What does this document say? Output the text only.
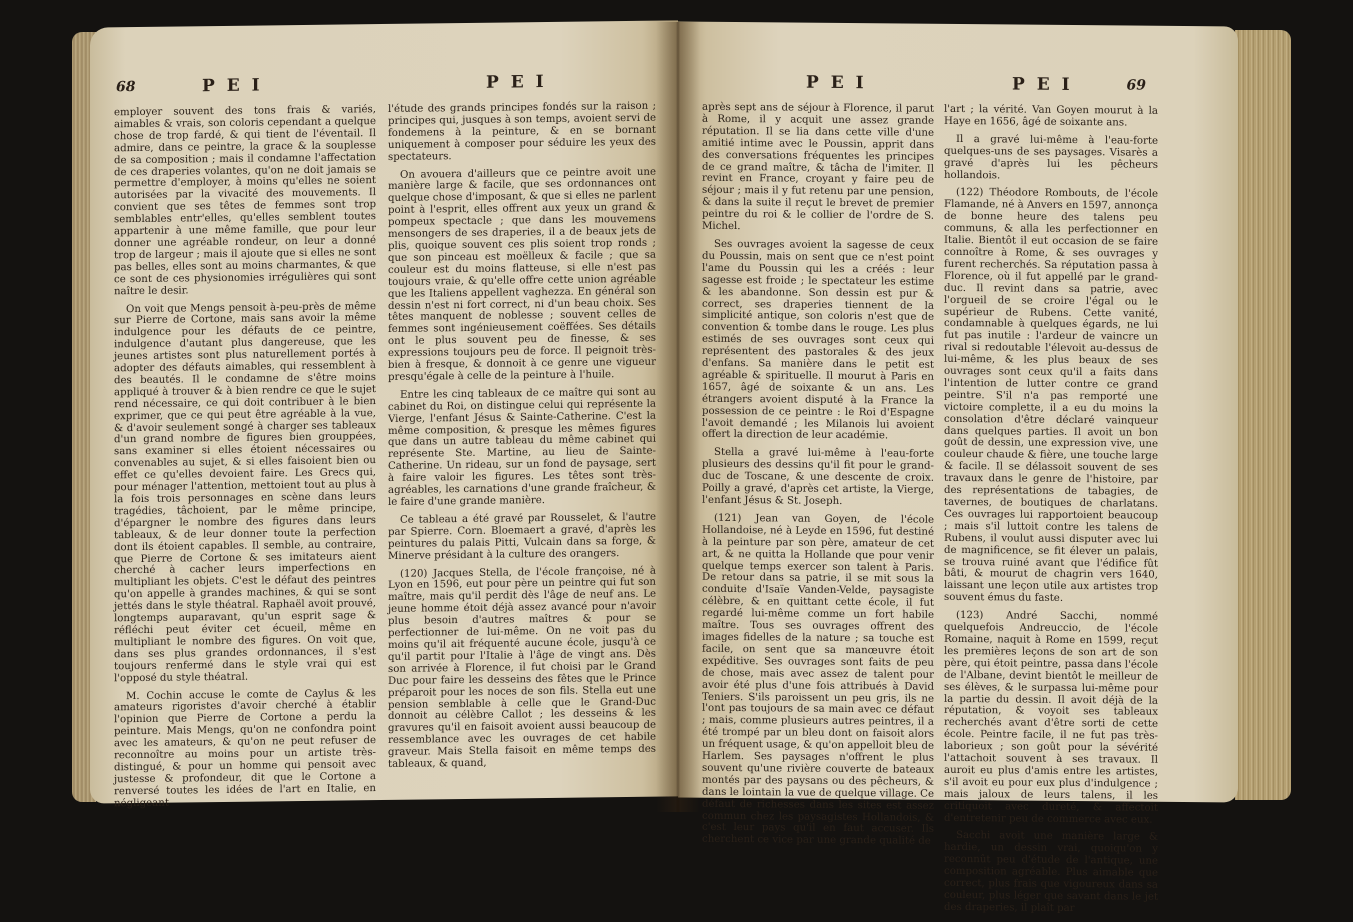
68	P E I	P E I

employer souvent des tons frais & variés, aimables & vrais, son coloris cependant a quelque chose de trop fardé, & qui tient de l'éventail. Il admire, dans ce peintre, la grace & la souplesse de sa composition ; mais il condamne l'affectation de ces draperies volantes, qu'on ne doit jamais se permettre d'employer, à moins qu'elles ne soient autorisées par la vivacité des mouvements. Il convient que ses têtes de femmes sont trop semblables entr'elles, qu'elles semblent toutes appartenir à une même famille, que pour leur donner une agréable rondeur, on leur a donné trop de largeur ; mais il ajoute que si elles ne sont pas belles, elles sont au moins charmantes, & que ce sont de ces physionomies irrégulières qui sont naître le desir.

On voit que Mengs pensoit à-peu-près de même sur Pierre de Cortone, mais sans avoir la même indulgence pour les défauts de ce peintre, indulgence d'autant plus dangereuse, que les jeunes artistes sont plus naturellement portés à adopter des défauts aimables, qui ressemblent à des beautés. Il le condamne de s'être moins appliqué à trouver & à bien rendre ce que le sujet rend nécessaire, ce qui doit contribuer à le bien exprimer, que ce qui peut être agréable à la vue, & d'avoir seulement songé à charger ses tableaux d'un grand nombre de figures bien grouppées, sans examiner si elles étoient nécessaires ou convenables au sujet, & si elles faisoient bien ou effet ce qu'elles devoient faire. Les Grecs qui, pour ménager l'attention, mettoient tout au plus à la fois trois personnages en scène dans leurs tragédies, tâchoient, par le même principe, d'épargner le nombre des figures dans leurs tableaux, & de leur donner toute la perfection dont ils étoient capables. Il semble, au contraire, que Pierre de Cortone & ses imitateurs aient cherché à cacher leurs imperfections en multipliant les objets. C'est le défaut des peintres qu'on appelle à grandes machines, & qui se sont jettés dans le style théatral. Raphaël avoit prouvé, longtemps auparavant, qu'un esprit sage & réfléchi peut éviter cet écueil, même en multipliant le nombre des figures. On voit que, dans ses plus grandes ordonnances, il s'est toujours renfermé dans le style vrai qui est l'opposé du style théatral.

M. Cochin accuse le comte de Caylus & les amateurs rigoristes d'avoir cherché à établir l'opinion que Pierre de Cortone a perdu la peinture. Mais Mengs, qu'on ne confondra point avec les amateurs, & qu'on ne peut refuser de reconnoître au moins pour un artiste très-distingué, & pour un homme qui pensoit avec justesse & profondeur, dit que le Cortone a renversé toutes les idées de l'art en Italie, en négligeant

l'étude des grands principes fondés sur la raison ; principes qui, jusques à son temps, avoient servi de fondemens à la peinture, & en se bornant uniquement à composer pour séduire les yeux des spectateurs.

On avouera d'ailleurs que ce peintre avoit une manière large & facile, que ses ordonnances ont quelque chose d'imposant, & que si elles ne parlent point à l'esprit, elles offrent aux yeux un grand & pompeux spectacle ; que dans les mouvemens mensongers de ses draperies, il a de beaux jets de plis, quoique souvent ces plis soient trop ronds ; que son pinceau est moëlleux & facile ; que sa couleur est du moins flatteuse, si elle n'est pas toujours vraie, & qu'elle offre cette union agréable que les Italiens appellent vaghezza. En général son dessin n'est ni fort correct, ni d'un beau choix. Ses têtes manquent de noblesse ; souvent celles de femmes sont ingénieusement coëffées. Ses détails ont le plus souvent peu de finesse, & ses expressions toujours peu de force. Il peignoit très-bien à fresque, & donnoit à ce genre une vigueur presqu'égale à celle de la peinture à l'huile.

Entre les cinq tableaux de ce maître qui sont au cabinet du Roi, on distingue celui qui représente la Vierge, l'enfant Jésus & Sainte-Catherine. C'est la même composition, & presque les mêmes figures que dans un autre tableau du même cabinet qui représente Ste. Martine, au lieu de Sainte-Catherine. Un rideau, sur un fond de paysage, sert à faire valoir les figures. Les têtes sont très-agréables, les carnations d'une grande fraîcheur, & le faire d'une grande manière.

Ce tableau a été gravé par Rousselet, & l'autre par Spierre. Corn. Bloemaert a gravé, d'après les peintures du palais Pitti, Vulcain dans sa forge, & Minerve présidant à la culture des orangers.

(120) Jacques Stella, de l'école françoise, né à Lyon en 1596, eut pour père un peintre qui fut son maître, mais qu'il perdit dès l'âge de neuf ans. Le jeune homme étoit déjà assez avancé pour n'avoir plus besoin d'autres maîtres & pour se perfectionner de lui-même. On ne voit pas du moins qu'il ait fréquenté aucune école, jusqu'à ce qu'il partit pour l'Italie à l'âge de vingt ans. Dès son arrivée à Florence, il fut choisi par le Grand Duc pour faire les desseins des fêtes que le Prince préparoit pour les noces de son fils. Stella eut une pension semblable à celle que le Grand-Duc donnoit au célèbre Callot ; les desseins & les gravures qu'il en faisoit avoient aussi beaucoup de ressemblance avec les ouvrages de cet habile graveur. Mais Stella faisoit en même temps des tableaux, & quand,

P E I	P E I	69

après sept ans de séjour à Florence, il parut à Rome, il y acquit une assez grande réputation. Il se lia dans cette ville d'une amitié intime avec le Poussin, apprit dans des conversations fréquentes les principes de ce grand maître, & tâcha de l'imiter. Il revint en France, croyant y faire peu de séjour ; mais il y fut retenu par une pension, & dans la suite il reçut le brevet de premier peintre du roi & le collier de l'ordre de S. Michel.

Ses ouvrages avoient la sagesse de ceux du Poussin, mais on sent que ce n'est point l'ame du Poussin qui les a créés : leur sagesse est froide ; le spectateur les estime & les abandonne. Son dessin est pur & correct, ses draperies tiennent de la simplicité antique, son coloris n'est que de convention & tombe dans le rouge. Les plus estimés de ses ouvrages sont ceux qui représentent des pastorales & des jeux d'enfans. Sa manière dans le petit est agréable & spirituelle. Il mourut à Paris en 1657, âgé de soixante & un ans. Les étrangers avoient disputé à la France la possession de ce peintre : le Roi d'Espagne l'avoit demandé ; les Milanois lui avoient offert la direction de leur académie.

Stella a gravé lui-même à l'eau-forte plusieurs des dessins qu'il fit pour le grand-duc de Toscane, & une descente de croix. Poilly a gravé, d'après cet artiste, la Vierge, l'enfant Jésus & St. Joseph.

(121) Jean van Goyen, de l'école Hollandoise, né à Leyde en 1596, fut destiné à la peinture par son père, amateur de cet art, & ne quitta la Hollande que pour venir quelque temps exercer son talent à Paris. De retour dans sa patrie, il se mit sous la conduite d'Isaïe Vanden-Velde, paysagiste célèbre, & en quittant cette école, il fut regardé lui-même comme un fort habile maître. Tous ses ouvrages offrent des images fidelles de la nature ; sa touche est facile, on sent que sa manœuvre étoit expéditive. Ses ouvrages sont faits de peu de chose, mais avec assez de talent pour avoir été plus d'une fois attribués à David Teniers. S'ils paroissent un peu gris, ils ne l'ont pas toujours de sa main avec ce défaut ; mais, comme plusieurs autres peintres, il a été trompé par un bleu dont on faisoit alors un fréquent usage, & qu'on appelloit bleu de Harlem. Ses paysages n'offrent le plus souvent qu'une rivière couverte de bateaux montés par des paysans ou des pêcheurs, & dans le lointain la vue de quelque village. Ce défaut de richesses dans les sites est assez commun chez les paysagistes Hollandois, & c'est leur pays qu'il en faut accuser. Ils cherchent ce vice par une grande qualité de

l'art ; la vérité. Van Goyen mourut à la Haye en 1656, âgé de soixante ans.

Il a gravé lui-même à l'eau-forte quelques-uns de ses paysages. Visarès a gravé d'après lui les pêcheurs hollandois.

(122) Théodore Rombouts, de l'école Flamande, né à Anvers en 1597, annonça de bonne heure des talens peu communs, & alla les perfectionner en Italie. Bientôt il eut occasion de se faire connoître à Rome, & ses ouvrages y furent recherchés. Sa réputation passa à Florence, où il fut appellé par le grand-duc. Il revint dans sa patrie, avec l'orgueil de se croire l'égal ou le supérieur de Rubens. Cette vanité, condamnable à quelques égards, ne lui fut pas inutile : l'ardeur de vaincre un rival si redoutable l'élevoit au-dessus de lui-même, & les plus beaux de ses ouvrages sont ceux qu'il a faits dans l'intention de lutter contre ce grand peintre. S'il n'a pas remporté une victoire complette, il a eu du moins la consolation d'être déclaré vainqueur dans quelques parties. Il avoit un bon goût de dessin, une expression vive, une couleur chaude & fière, une touche large & facile. Il se délassoit souvent de ses travaux dans le genre de l'histoire, par des représentations de tabagies, de tavernes, de boutiques de charlatans. Ces ouvrages lui rapportoient beaucoup ; mais s'il luttoit contre les talens de Rubens, il voulut aussi disputer avec lui de magnificence, se fit élever un palais, se trouva ruiné avant que l'édifice fût bâti, & mourut de chagrin vers 1640, laissant une leçon utile aux artistes trop souvent émus du faste.

(123) André Sacchi, nommé quelquefois Andreuccio, de l'école Romaine, naquit à Rome en 1599, reçut les premières leçons de son art de son père, qui étoit peintre, passa dans l'école de l'Albane, devint bientôt le meilleur de ses élèves, & le surpassa lui-même pour la partie du dessin. Il avoit déjà de la réputation, & voyoit ses tableaux recherchés avant d'être sorti de cette école. Peintre facile, il ne fut pas très-laborieux ; son goût pour la sévérité l'attachoit souvent à ses travaux. Il auroit eu plus d'amis entre les artistes, s'il avoit eu pour eux plus d'indulgence ; mais jaloux de leurs talens, il les critiquoit avec dureté, & affectoit d'entretenir peu de commerce avec eux.

Sacchi avoit une manière large & hardie, un dessin vrai, quoiqu'on y reconnût peu d'étude de l'antique, une composition agréable. Plus aimable que correct, plus frais que vigoureux dans sa couleur, plus léger que savant dans le jet des draperies, il plaît par
